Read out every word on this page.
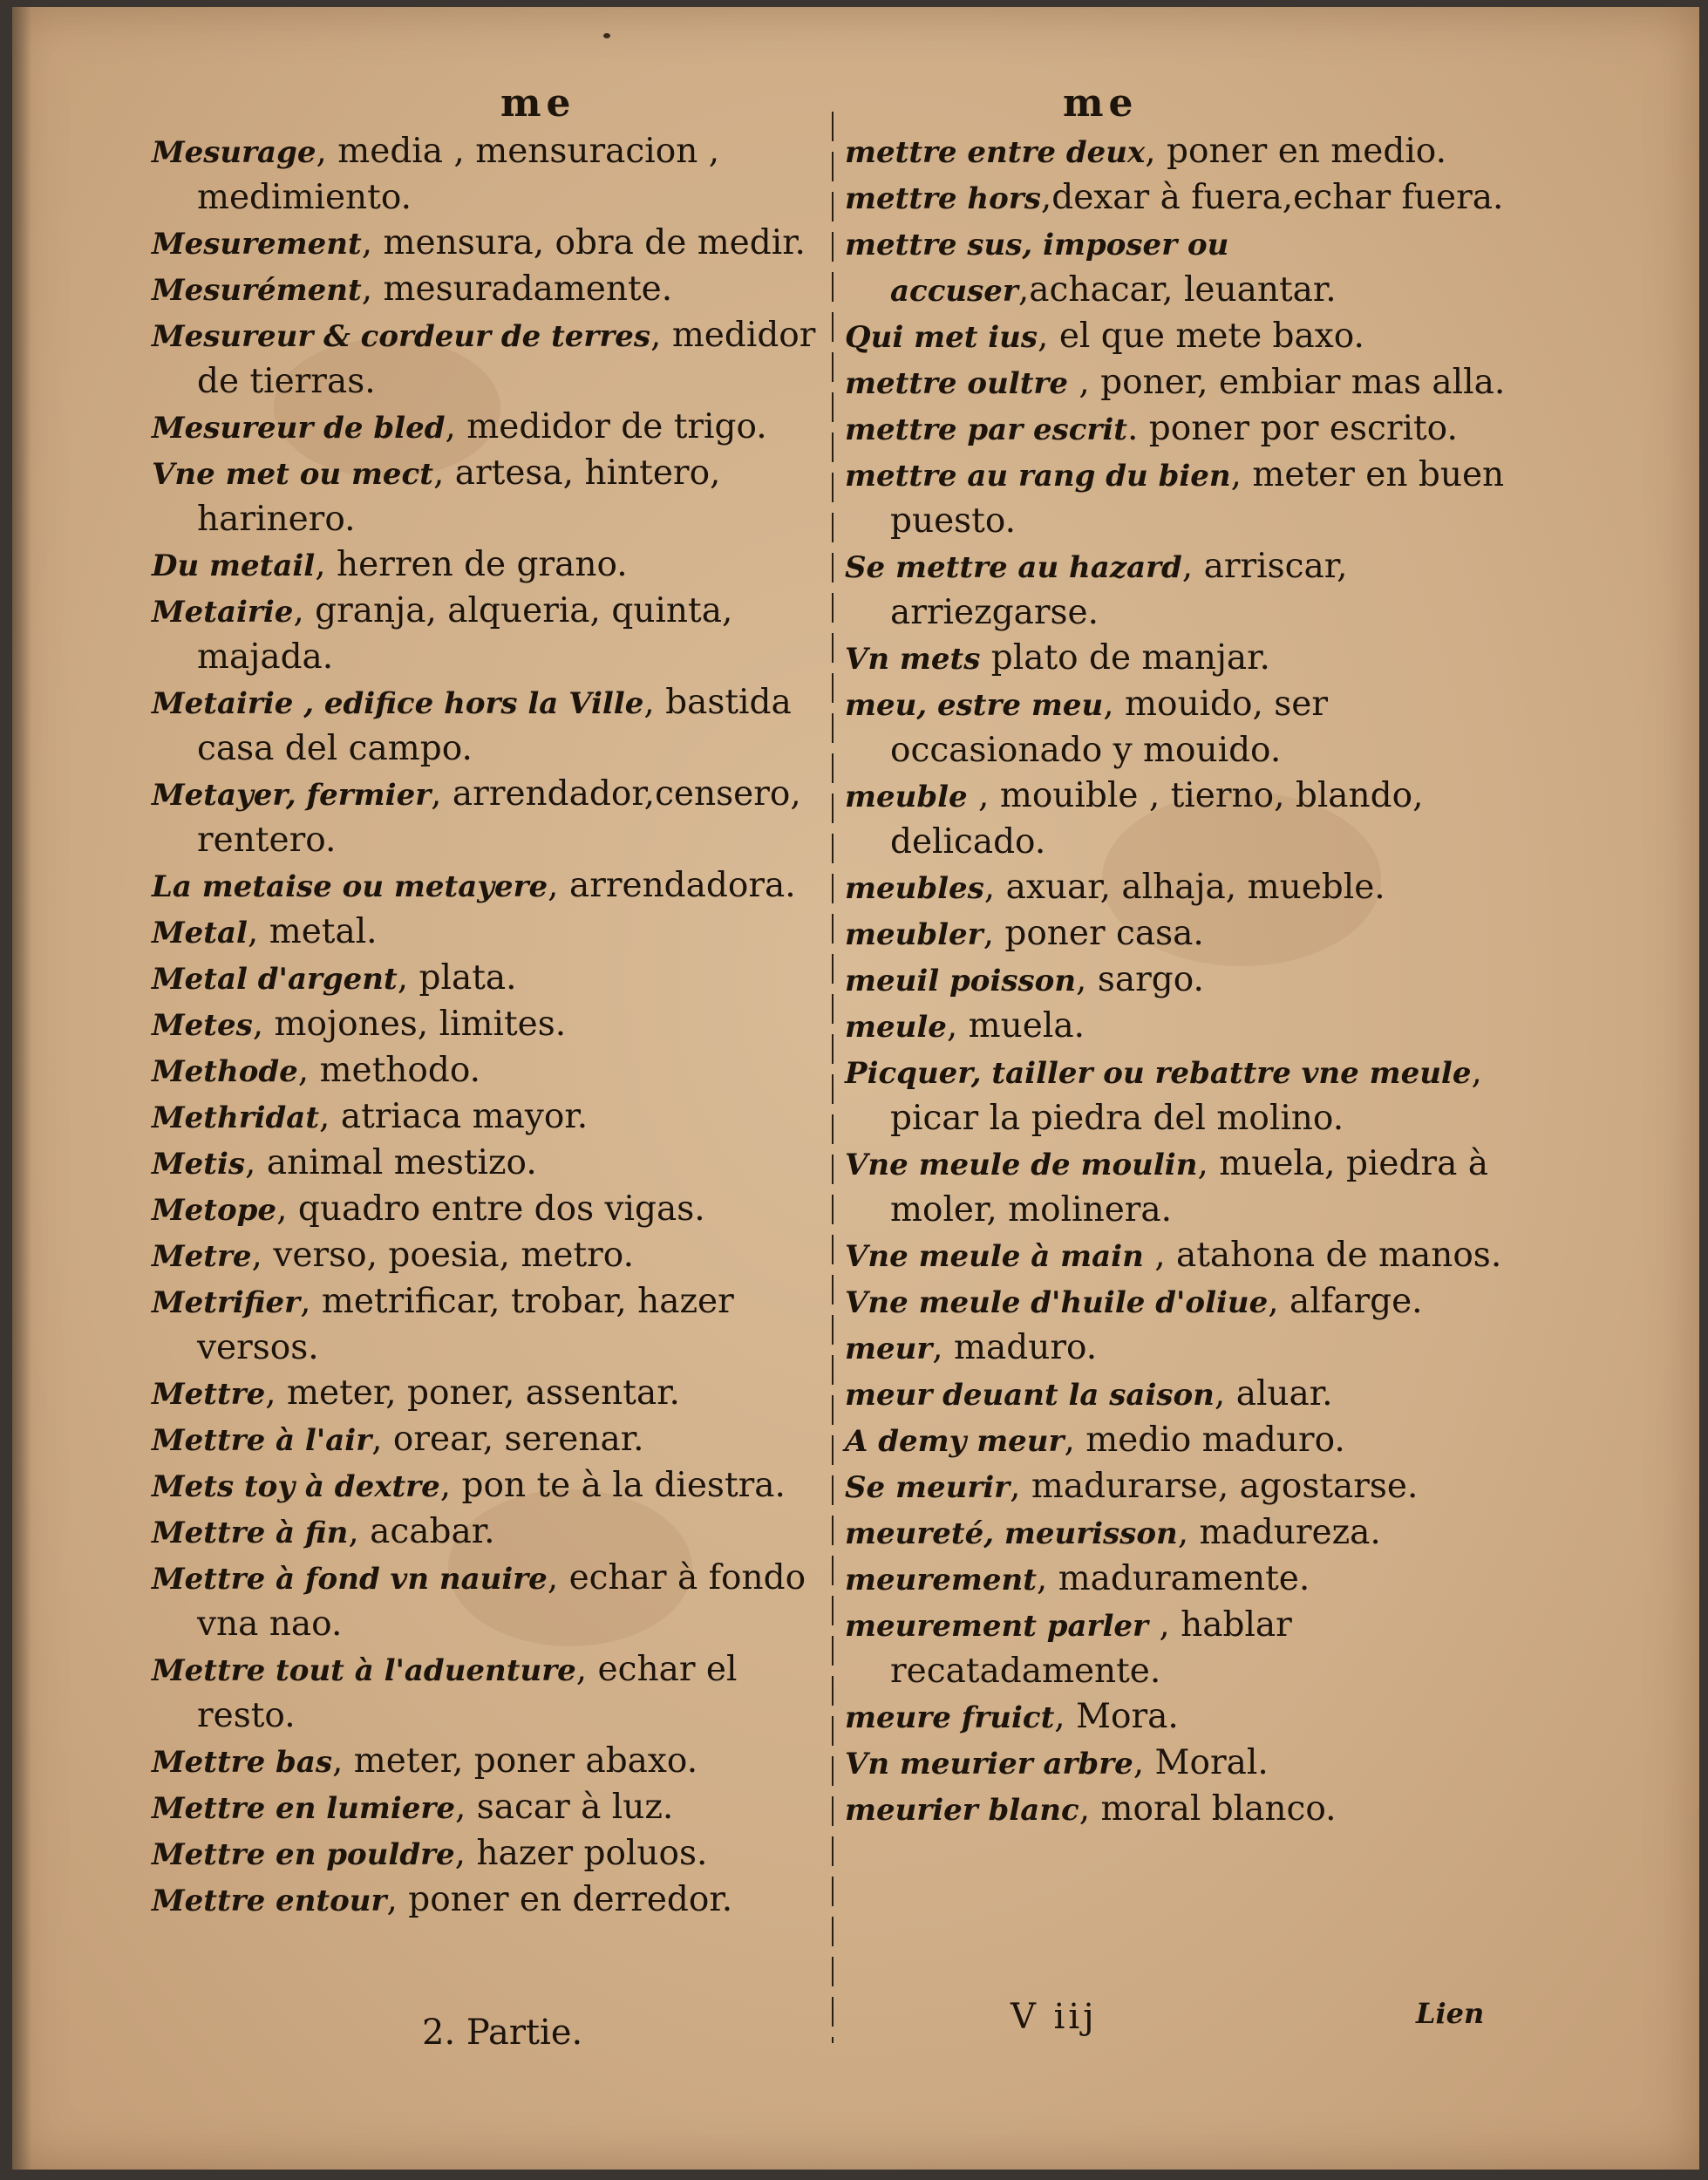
me
Mesurage, media , mensuracion , medimiento.
Mesurement, mensura, obra de medir.
Mesurément, mesuradamente.
Mesureur & cordeur de terres, medidor de tierras.
Mesureur de bled, medidor de trigo.
Vne met ou mect, artesa, hintero, harinero.
Du metail, herren de grano.
Metairie, granja, alqueria, quinta, majada.
Metairie , edifice hors la Ville, bastida casa del campo.
Metayer, fermier, arrendador,censero, rentero.
La metaise ou metayere, arrendadora.
Metal, metal.
Metal d'argent, plata.
Metes, mojones, limites.
Methode, methodo.
Methridat, atriaca mayor.
Metis, animal mestizo.
Metope, quadro entre dos vigas.
Metre, verso, poesia, metro.
Metrifier, metrificar, trobar, hazer versos.
Mettre, meter, poner, assentar.
Mettre à l'air, orear, serenar.
Mets toy à dextre, pon te à la diestra.
Mettre à fin, acabar.
Mettre à fond vn nauire, echar à fondo vna nao.
Mettre tout à l'aduenture, echar el resto.
Mettre bas, meter, poner abaxo.
Mettre en lumiere, sacar à luz.
Mettre en pouldre, hazer poluos.
Mettre entour, poner en derredor.
me
mettre entre deux, poner en medio.
mettre hors,dexar à fuera,echar fuera.
mettre sus, imposer ou accuser,achacar, leuantar.
Qui met ius, el que mete baxo.
mettre oultre , poner, embiar mas alla.
mettre par escrit. poner por escrito.
mettre au rang du bien, meter en buen puesto.
Se mettre au hazard, arriscar, arriezgarse.
Vn mets plato de manjar.
meu, estre meu, mouido, ser occasionado y mouido.
meuble , mouible , tierno, blando, delicado.
meubles, axuar, alhaja, mueble.
meubler, poner casa.
meuil poisson, sargo.
meule, muela.
Picquer, tailler ou rebattre vne meule, picar la piedra del molino.
Vne meule de moulin, muela, piedra à moler, molinera.
Vne meule à main , atahona de manos.
Vne meule d'huile d'oliue, alfarge.
meur, maduro.
meur deuant la saison, aluar.
A demy meur, medio maduro.
Se meurir, madurarse, agostarse.
meureté, meurisson, madureza.
meurement, maduramente.
meurement parler , hablar recatadamente.
meure fruict, Mora.
Vn meurier arbre, Moral.
meurier blanc, moral blanco.
2. Partie.	V iij	Lien
